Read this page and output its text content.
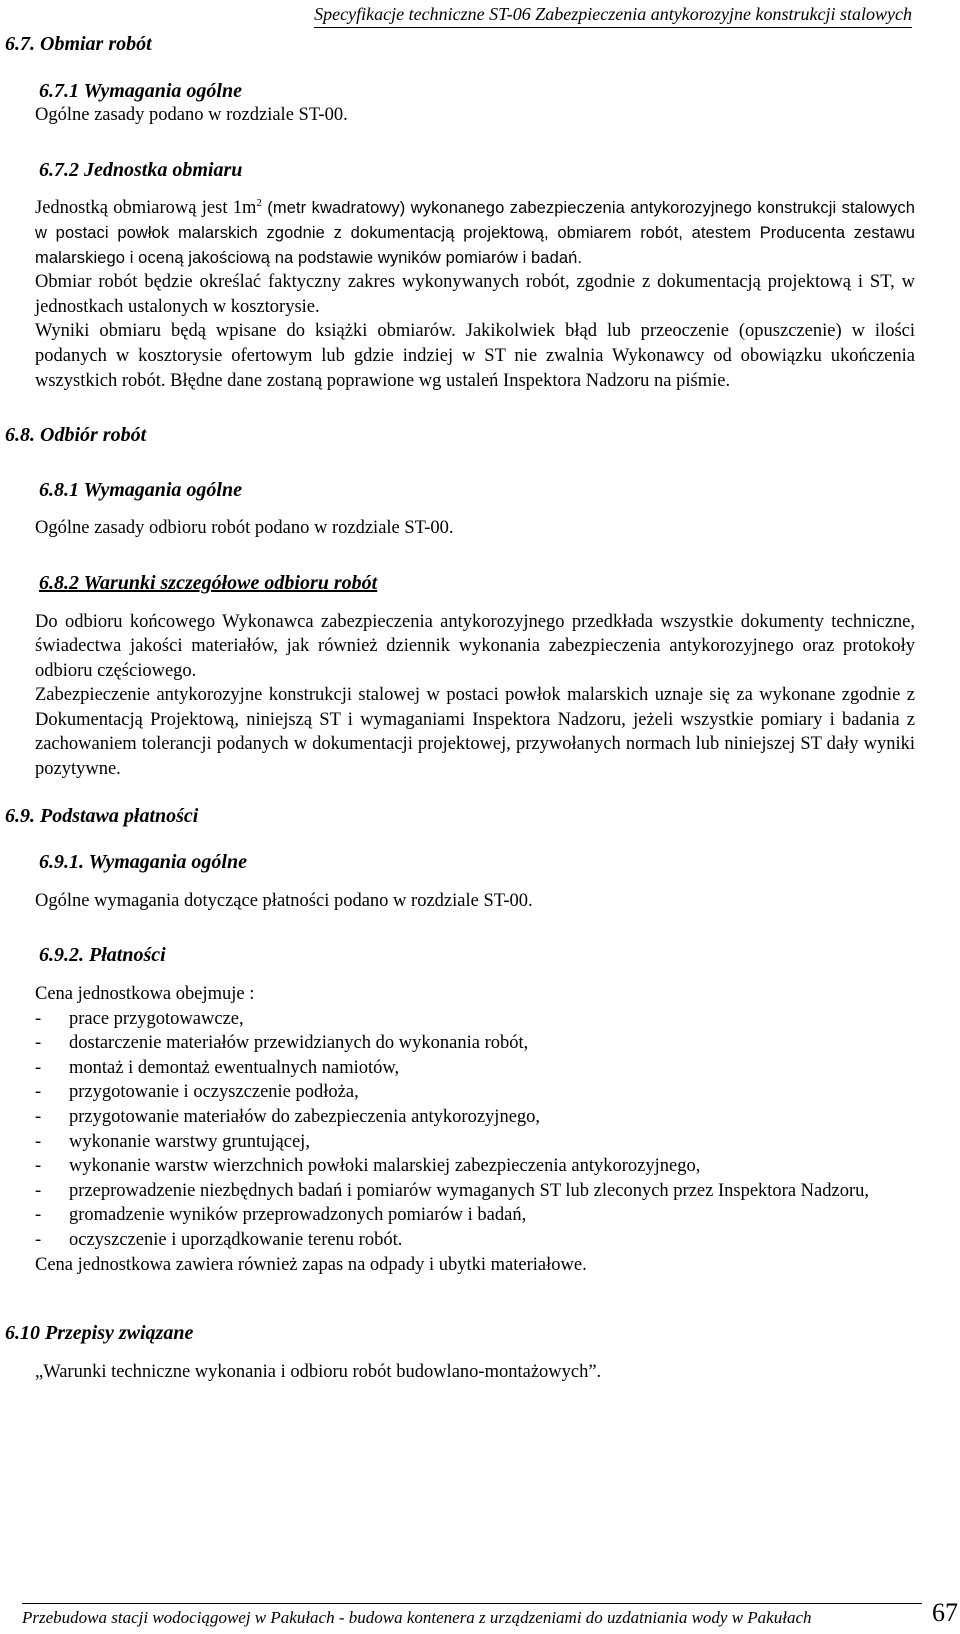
Specyfikacje techniczne ST-06 Zabezpieczenia antykorozyjne konstrukcji stalowych
6.7. Obmiar robót
6.7.1 Wymagania ogólne

Ogólne zasady podano w rozdziale ST-00.

6.7.2 Jednostka obmiaru

Jednostką obmiarową jest $1m^2$ (metr kwadratowy) wykonanego zabezpieczenia antykorozyjnego konstrukcji stalowych w postaci powłok malarskich zgodnie z dokumentacją projektową, obmiarem robót, atestem Producenta zestawu malarskiego i oceną jakościową na podstawie wyników pomiarów i badań.

Obmiar robót będzie określać faktyczny zakres wykonywanych robót, zgodnie z dokumentacją projektową i ST, w jednostkach ustalonych w kosztorysie.

Wyniki obmiaru będą wpisane do książki obmiarów. Jakikolwiek błąd lub przeoczenie (opuszczenie) w ilości podanych w kosztorysie ofertowym lub gdzie indziej w ST nie zwalnia Wykonawcy od obowiązku ukończenia wszystkich robót. Błędne dane zostaną poprawione wg ustaleń Inspektora Nadzoru na piśmie.

6.8. Odbiór robót
6.8.1 Wymagania ogólne

Ogólne zasady odbioru robót podano w rozdziale ST-00.

6.8.2 Warunki szczegółowe odbioru robót

Do odbioru końcowego Wykonawca zabezpieczenia antykorozyjnego przedkłada wszystkie dokumenty techniczne, świadectwa jakości materiałów, jak również dziennik wykonania zabezpieczenia antykorozyjnego oraz protokoły odbioru częściowego.

Zabezpieczenie antykorozyjne konstrukcji stalowej w postaci powłok malarskich uznaje się za wykonane zgodnie z Dokumentacją Projektową, niniejszą ST i wymaganiami Inspektora Nadzoru, jeżeli wszystkie pomiary i badania z zachowaniem tolerancji podanych w dokumentacji projektowej, przywołanych normach lub niniejszej ST dały wyniki pozytywne.

6.9. Podstawa płatności
6.9.1. Wymagania ogólne

Ogólne wymagania dotyczące płatności podano w rozdziale ST-00.

6.9.2. Płatności

Cena jednostkowa obejmuje :

- prace przygotowawcze,
- dostarczenie materiałów przewidzianych do wykonania robót,
- montaż i demontaż ewentualnych namiotów,
- przygotowanie i oczyszczenie podłoża,
- przygotowanie materiałów do zabezpieczenia antykorozyjnego,
- wykonanie warstwy gruntującej,
- wykonanie warstw wierzchnich powłoki malarskiej zabezpieczenia antykorozyjnego,
- przeprowadzenie niezbędnych badań i pomiarów wymaganych ST lub zleconych przez Inspektora Nadzoru,
- gromadzenie wyników przeprowadzonych pomiarów i badań,
- oczyszczenie i uporządkowanie terenu robót.

Cena jednostkowa zawiera również zapas na odpady i ubytki materiałowe.

6.10 Przepisy związane

„Warunki techniczne wykonania i odbioru robót budowlano-montażowych”.

Przebudowa stacji wodociągowej w Pakułach - budowa kontenera z urządzeniami do uzdatniania wody w Pakułach	67
